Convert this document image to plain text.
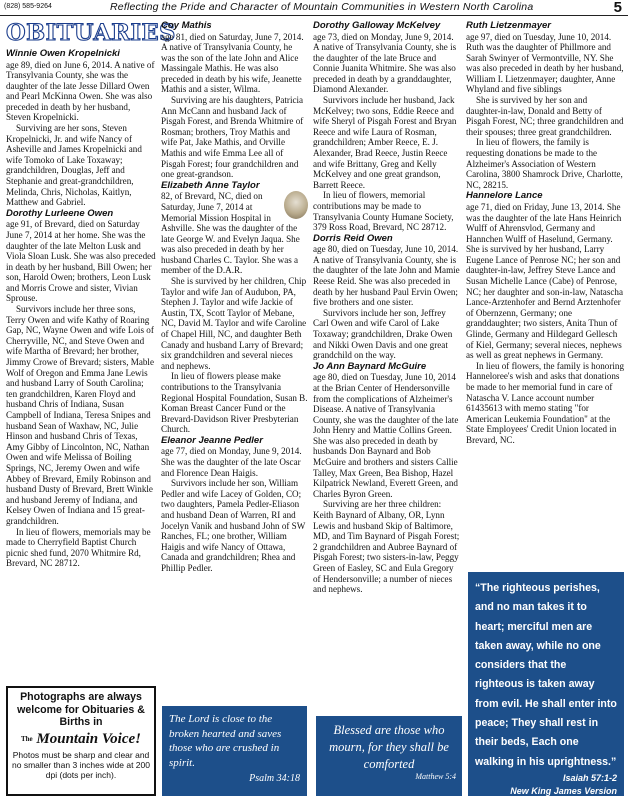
(828) 585-9264	Reflecting the Pride and Character of Mountain Communities in Western North Carolina	5
OBITUARIES
Winnie Owen Kropelnicki

age 89, died on June 6, 2014. A native of Transylvania County, she was the daughter of the late Jesse Dillard Owen and Pearl McKinna Owen. She was also preceded in death by her husband, Steven Kropelnicki.

Surviving are her sons, Steven Kropelnicki, Jr. and wife Nancy of Asheville and James Kropelnicki and wife Tomoko of Lake Toxaway; grandchildren, Douglas, Jeff and Stephanie and great-grandchildren, Melinda, Chris, Nicholas, Kaitlyn, Matthew and Gabriel.

Dorothy Lurleene Owen

age 91, of Brevard, died on Saturday June 7, 2014 at her home. She was the daughter of the late Melton Lusk and Viola Sloan Lusk. She was also preceded in death by her husband, Bill Owen; her son, Harold Owen; brothers, Leon Lusk and Morris Crowe and sister, Vivian Sprouse.

Survivors include her three sons, Terry Owen and wife Kathy of Roaring Gap, NC, Wayne Owen and wife Lois of Cherryville, NC, and Steve Owen and wife Martha of Brevard; her brother, Jimmy Crowe of Brevard; sisters, Mable Wolf of Oregon and Emma Jane Lewis and husband Larry of South Carolina; ten grandchildren, Karen Floyd and husband Chris of Indiana, Susan Campbell of Indiana, Teresa Snipes and husband Sean of Waxhaw, NC, Julie Hinson and husband Chris of Texas, Amy Gibby of Lincolnton, NC, Nathan Owen and wife Melissa of Boiling Springs, NC, Jeremy Owen and wife Abbey of Brevard, Emily Robinson and husband Dusty of Brevard, Brett Winkle and husband Jeremy of Indiana, and Kelsey Owen of Indiana and 15 great-grandchildren.

In lieu of flowers, memorials may be made to Cherryfield Baptist Church picnic shed fund, 2070 Whitmire Rd, Brevard, NC 28712.

Coy Mathis

age 81, died on Saturday, June 7, 2014. A native of Transylvania County, he was the son of the late John and Alice Massingale Mathis. He was also preceded in death by his wife, Jeanette Mathis and a sister, Wilma.

Surviving are his daughters, Patricia Ann McCann and husband Jack of Pisgah Forest, and Brenda Whitmire of Rosman; brothers, Troy Mathis and wife Pat, Jake Mathis, and Orville Mathis and wife Emma Lee all of Pisgah Forest; four grandchildren and one great-grandson.

Elizabeth Anne Taylor

82, of Brevard, NC, died on Saturday, June 7, 2014 at Memorial Mission Hospital in Ashville. She was the daughter of the late George W. and Evelyn Jaqua. She was also preceded in death by her husband Charles C. Taylor. She was a member of the D.A.R.

She is survived by her children, Chip Taylor and wife Jan of Audubon, PA, Stephen J. Taylor and wife Jackie of Austin, TX, Scott Taylor of Mebane, NC, David M. Taylor and wife Caroline of Chapel Hill, NC, and daughter Beth Canady and husband Larry of Brevard; six grandchildren and several nieces and nephews.

In lieu of flowers please make contributions to the Transylvania Regional Hospital Foundation, Susan B. Koman Breast Cancer Fund or the Brevard-Davidson River Presbyterian Church.

Eleanor Jeanne Pedler

age 77, died on Monday, June 9, 2014. She was the daughter of the late Oscar and Florence Dean Haigis.

Survivors include her son, William Pedler and wife Lacey of Golden, CO; two daughters, Pamela Pedler-Eliason and husband Dean of Warren, RI and Jocelyn Vanik and husband John of SW Ranches, FL; one brother, William Haigis and wife Nancy of Ottawa, Canada and grandchildren; Rhea and Phillip Pedler.

Dorothy Galloway McKelvey

age 73, died on Monday, June 9, 2014. A native of Transylvania County, she is the daughter of the late Bruce and Connie Juanita Whitmire. She was also preceded in death by a granddaughter, Diamond Alexander.

Survivors include her husband, Jack McKelvey; two sons, Eddie Reece and wife Sheryl of Pisgah Forest and Bryan Reece and wife Laura of Rosman, grandchildren; Amber Reece, E. J. Alexander, Brad Reece, Justin Reece and wife Brittany, Greg and Kelly McKelvey and one great grandson, Barrett Reece.

In lieu of flowers, memorial contributions may be made to Transylvania County Humane Society, 379 Ross Road, Brevard, NC 28712.

Dorris Reid Owen

age 80, died on Tuesday, June 10, 2014. A native of Transylvania County, she is the daughter of the late John and Mamie Reese Reid. She was also preceded in death by her husband Paul Ervin Owen; five brothers and one sister.

Survivors include her son, Jeffrey Carl Owen and wife Carol of Lake Toxaway; grandchildren, Drake Owen and Nikki Owen Davis and one great grandchild on the way.

Jo Ann Baynard McGuire

age 80, died on Tuesday, June 10, 2014 at the Brian Center of Hendersonville from the complications of Alzheimer's Disease. A native of Transylvania County, she was the daughter of the late John Henry and Mattie Collins Green. She was also preceded in death by husbands Don Baynard and Bob McGuire and brothers and sisters Callie Talley, Max Green, Bea Bishop, Hazel Kilpatrick Newland, Everett Green, and Charles Byron Green.

Surviving are her three children: Keith Baynard of Albany, OR, Lynn Lewis and husband Skip of Baltimore, MD, and Tim Baynard of Pisgah Forest; 2 grandchildren and Aubree Baynard of Pisgah Forest; two sisters-in-law, Peggy Green of Easley, SC and Eula Gregory of Hendersonville; a number of nieces and nephews.

Ruth Lietzenmayer

age 97, died on Tuesday, June 10, 2014. Ruth was the daughter of Phillmore and Sarah Swinyer of Vermontville, NY. She was also preceded in death by her husband, William I. Lietzenmayer; daughter, Anne Whyland and five siblings

She is survived by her son and daughter-in-law, Donald and Betty of Pisgah Forest, NC; three grandchildren and their spouses; three great grandchildren.

In lieu of flowers, the family is requesting donations be made to the Alzheimer's Association of Western Carolina, 3800 Shamrock Drive, Charlotte, NC, 28215.

Hannelore Lance

age 71, died on Friday, June 13, 2014. She was the daughter of the late Hans Heinrich Wulff of Ahrensvlod, Germany and Hannchen Wulff of Haselund, Germany. She is survived by her husband, Larry Eugene Lance of Penrose NC; her son and daughter-in-law, Jeffrey Steve Lance and Susan Michelle Lance (Cabe) of Penrose, NC; her daughter and son-in-law, Natascha Lance-Arztenhofer and Bernd Arztenhofer of Obernzenn, Germany; one granddaughter; two sisters, Anita Thun of Glinde, Germany and Hildegard Gellesch of Kiel, Germany; several nieces, nephews as well as great nephews in Germany.

In lieu of flowers, the family is honoring Hanneloree's wish and asks that donations be made to her memorial fund in care of Natascha V. Lance account number 61435613 with memo stating "for American Leukemia Foundation" at the State Employees' Credit Union located in Brevard, NC.

Photographs are always welcome for Obituaries & Births in
$^{The}$ Mountain Voice!
Photos must be sharp and clear and no smaller than 3 inches wide at 200 dpi (dots per inch).
The Lord is close to the broken hearted and saves those who are crushed in spirit.
Psalm 34:18
Blessed are those who mourn, for they shall be comforted
Matthew 5:4
“The righteous perishes, and no man takes it to heart; merciful men are taken away, while no one considers that the righteous is taken away from evil. He shall enter into peace; They shall rest in their beds, Each one walking in his uprightness.”
Isaiah 57:1-2
New King James Version
